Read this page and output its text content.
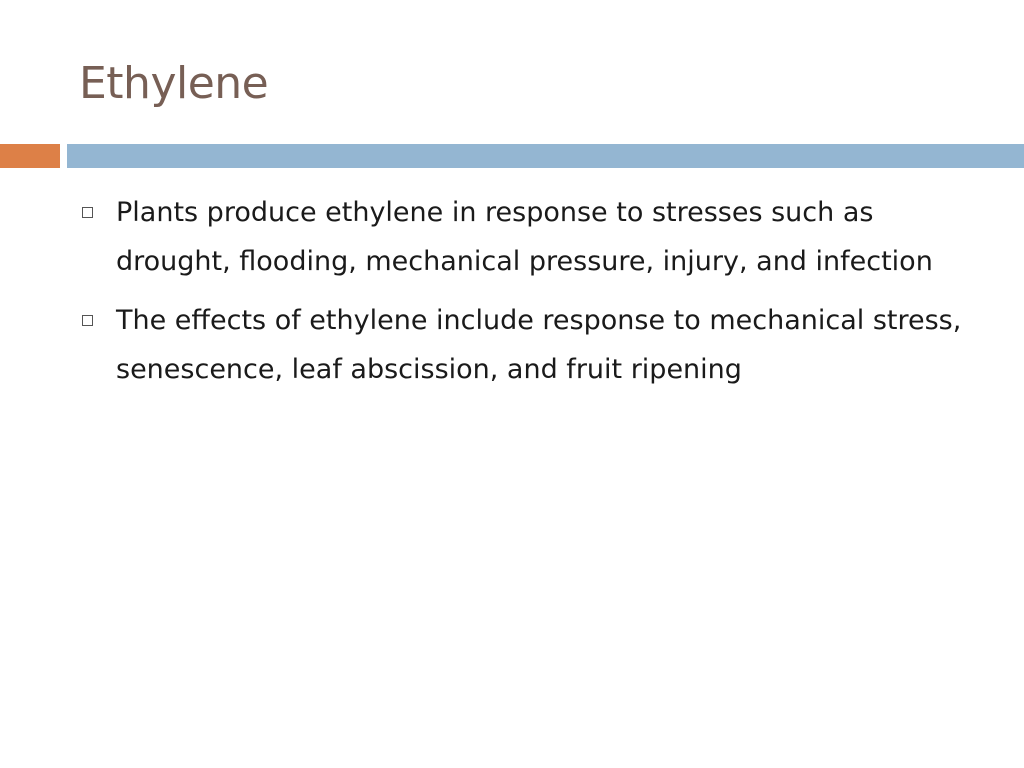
Ethylene
Plants produce ethylene in response to stresses such as drought, flooding, mechanical pressure, injury, and infection
The effects of ethylene include response to mechanical stress, senescence, leaf abscission, and fruit ripening
